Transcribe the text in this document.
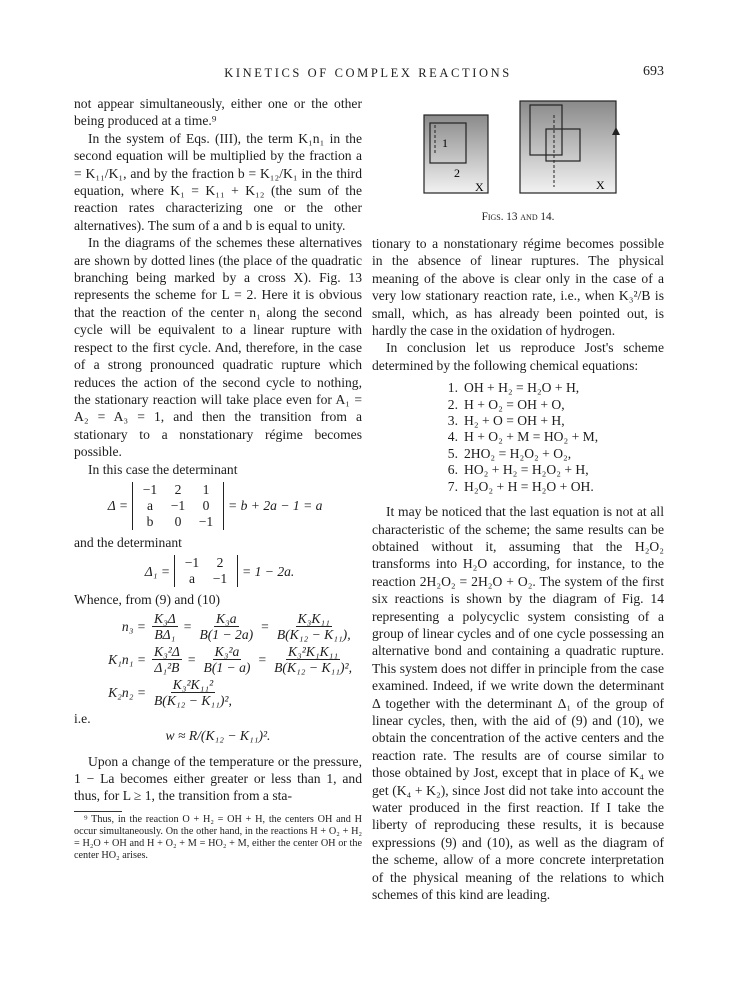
KINETICS OF COMPLEX REACTIONS	693

not appear simultaneously, either one or the other being produced at a time.⁹

In the system of Eqs. (III), the term K₁n₁ in the second equation will be multiplied by the fraction a = K₁₁/K₁, and by the fraction b = K₁₂/K₁ in the third equation, where K₁ = K₁₁ + K₁₂ (the sum of the reaction rates characterizing one or the other alternatives). The sum of a and b is equal to unity.

In the diagrams of the schemes these alternatives are shown by dotted lines (the place of the quadratic branching being marked by a cross X). Fig. 13 represents the scheme for L = 2. Here it is obvious that the reaction of the center n₁ along the second cycle will be equivalent to a linear rupture with respect to the first cycle. And, therefore, in the case of a strong pronounced quadratic rupture which reduces the action of the second cycle to nothing, the stationary reaction will take place even for A₁ = A₂ = A₃ = 1, and then the transition from a stationary to a nonstationary régime becomes possible.

In this case the determinant

Δ =
−1	2	1
a	−1	0
b	0	−1
= b + 2a − 1 = a

and the determinant

Δ₁ =
−1	2
a	−1
= 1 − 2a.

Whence, from (9) and (10)

$n_3 = \frac{\text{K₃Δ}}{\text{BΔ₁}} = \frac{\text{K₃a}}{B(1 - 2a)} = \frac{\text{K₃K₁₁}}{\text{B(K₁₂ − K₁₁),}}$
$K_1n_1 = \frac{\text{K₃²Δ}}{\text{Δ₁²B}} = \frac{\text{K₃²a}}{B(1 - a)} = \frac{\text{K₃²K₁K₁₁}}{\text{B(K₁₂ − K₁₁)²,}}$
$K_2n_2 = \frac{\text{K₃²K₁₁²}}{\text{B(K₁₂ − K₁₁)²,}}$

i.e.

w ≈ R/(K₁₂ − K₁₁)².

Upon a change of the temperature or the pressure, 1 − La becomes either greater or less than 1, and thus, for L ≥ 1, the transition from a sta-

⁹ Thus, in the reaction O + H₂ = OH + H, the centers OH and H occur simultaneously. On the other hand, in the reactions H + O₂ + H₂ = H₂O + OH and H + O₂ + M = HO₂ + M, either the center OH or the center HO₂ arises.
1
2
X	X
Figs. 13 and 14.

tionary to a nonstationary régime becomes possible in the absence of linear ruptures. The physical meaning of the above is clear only in the case of a very low stationary reaction rate, i.e., when K₃²/B is small, which, as has already been pointed out, is hardly the case in the oxidation of hydrogen.

In conclusion let us reproduce Jost's scheme determined by the following chemical equations:

1. OH + H₂ = H₂O + H,
2. H + O₂ = OH + O,
3. H₂ + O = OH + H,
4. H + O₂ + M = HO₂ + M,
5. 2HO₂ = H₂O₂ + O₂,
6. HO₂ + H₂ = H₂O₂ + H,
7. H₂O₂ + H = H₂O + OH.

It may be noticed that the last equation is not at all characteristic of the scheme; the same results can be obtained without it, assuming that the H₂O₂ transforms into H₂O according, for instance, to the reaction 2H₂O₂ = 2H₂O + O₂. The system of the first six reactions is shown by the diagram of Fig. 14 representing a polycyclic system consisting of a group of linear cycles and of one cycle possessing an alternative bond and containing a quadratic rupture. This system does not differ in principle from the case examined. Indeed, if we write down the determinant Δ together with the determinant Δ₁ of the group of linear cycles, then, with the aid of (9) and (10), we obtain the concentration of the active centers and the reaction rate. The results are of course similar to those obtained by Jost, except that in place of K₄ we get (K₄ + K₂), since Jost did not take into account the water produced in the first reaction. If I take the liberty of reproducing these results, it is because expressions (9) and (10), as well as the diagram of the scheme, allow of a more concrete interpretation of the physical meaning of the relations to which schemes of this kind are leading.
